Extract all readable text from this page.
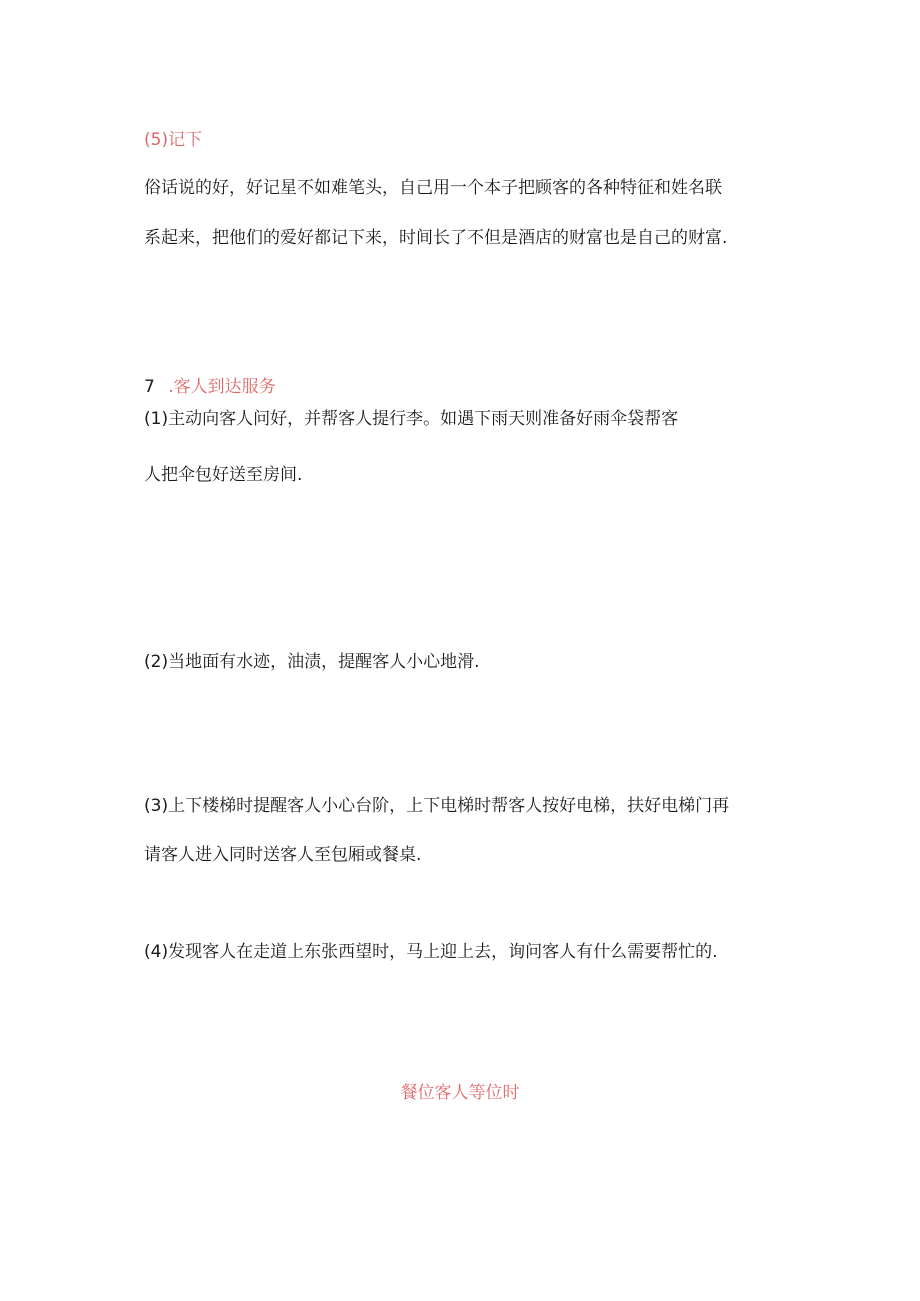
(5)记下

俗话说的好，好记星不如难笔头，自己用一个本子把顾客的各种特征和姓名联

系起来，把他们的爱好都记下来，时间长了不但是酒店的财富也是自己的财富.

7 .客人到达服务

(1)主动向客人问好，并帮客人提行李。如遇下雨天则准备好雨伞袋帮客

人把伞包好送至房间.

(2)当地面有水迹，油渍，提醒客人小心地滑.

(3)上下楼梯时提醒客人小心台阶，上下电梯时帮客人按好电梯，扶好电梯门再

请客人进入同时送客人至包厢或餐桌.

(4)发现客人在走道上东张西望时，马上迎上去，询问客人有什么需要帮忙的.

餐位客人等位时
